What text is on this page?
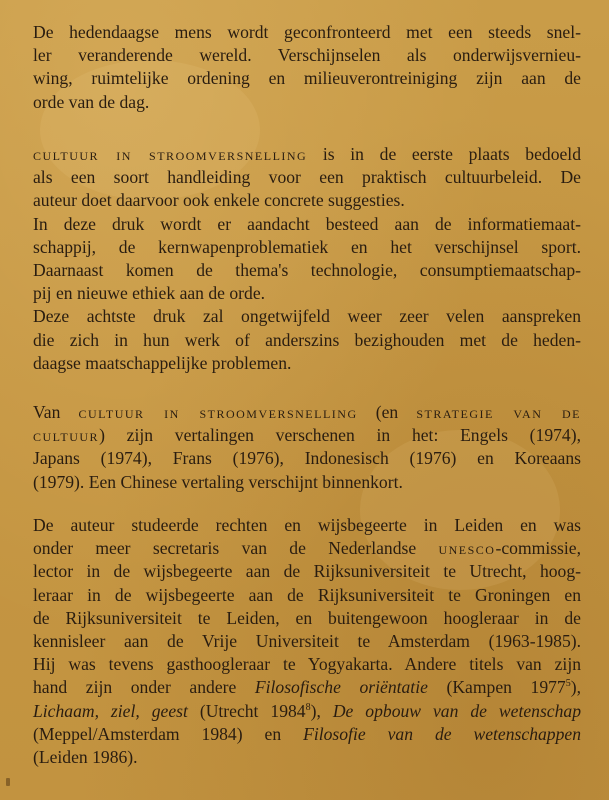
De hedendaagse mens wordt geconfronteerd met een steeds snel-
ler veranderende wereld. Verschijnselen als onderwijsvernieu-
wing, ruimtelijke ordening en milieuverontreiniging zijn aan de
orde van de dag.
cultuur in stroomversnelling is in de eerste plaats bedoeld
als een soort handleiding voor een praktisch cultuurbeleid. De
auteur doet daarvoor ook enkele concrete suggesties.
In deze druk wordt er aandacht besteed aan de informatiemaat-
schappij, de kernwapenproblematiek en het verschijnsel sport.
Daarnaast komen de thema's technologie, consumptiemaatschap-
pij en nieuwe ethiek aan de orde.
Deze achtste druk zal ongetwijfeld weer zeer velen aanspreken
die zich in hun werk of anderszins bezighouden met de heden-
daagse maatschappelijke problemen.
Van cultuur in stroomversnelling (en strategie van de
cultuur) zijn vertalingen verschenen in het: Engels (1974),
Japans (1974), Frans (1976), Indonesisch (1976) en Koreaans
(1979). Een Chinese vertaling verschijnt binnenkort.
De auteur studeerde rechten en wijsbegeerte in Leiden en was
onder meer secretaris van de Nederlandse unesco-commissie,
lector in de wijsbegeerte aan de Rijksuniversiteit te Utrecht, hoog-
leraar in de wijsbegeerte aan de Rijksuniversiteit te Groningen en
de Rijksuniversiteit te Leiden, en buitengewoon hoogleraar in de
kennisleer aan de Vrije Universiteit te Amsterdam (1963-1985).
Hij was tevens gasthoogleraar te Yogyakarta. Andere titels van zijn
hand zijn onder andere Filosofische oriëntatie (Kampen 1977$^5$),
Lichaam, ziel, geest (Utrecht 1984$^8$), De opbouw van de wetenschap
(Meppel/Amsterdam 1984) en Filosofie van de wetenschappen
(Leiden 1986).
